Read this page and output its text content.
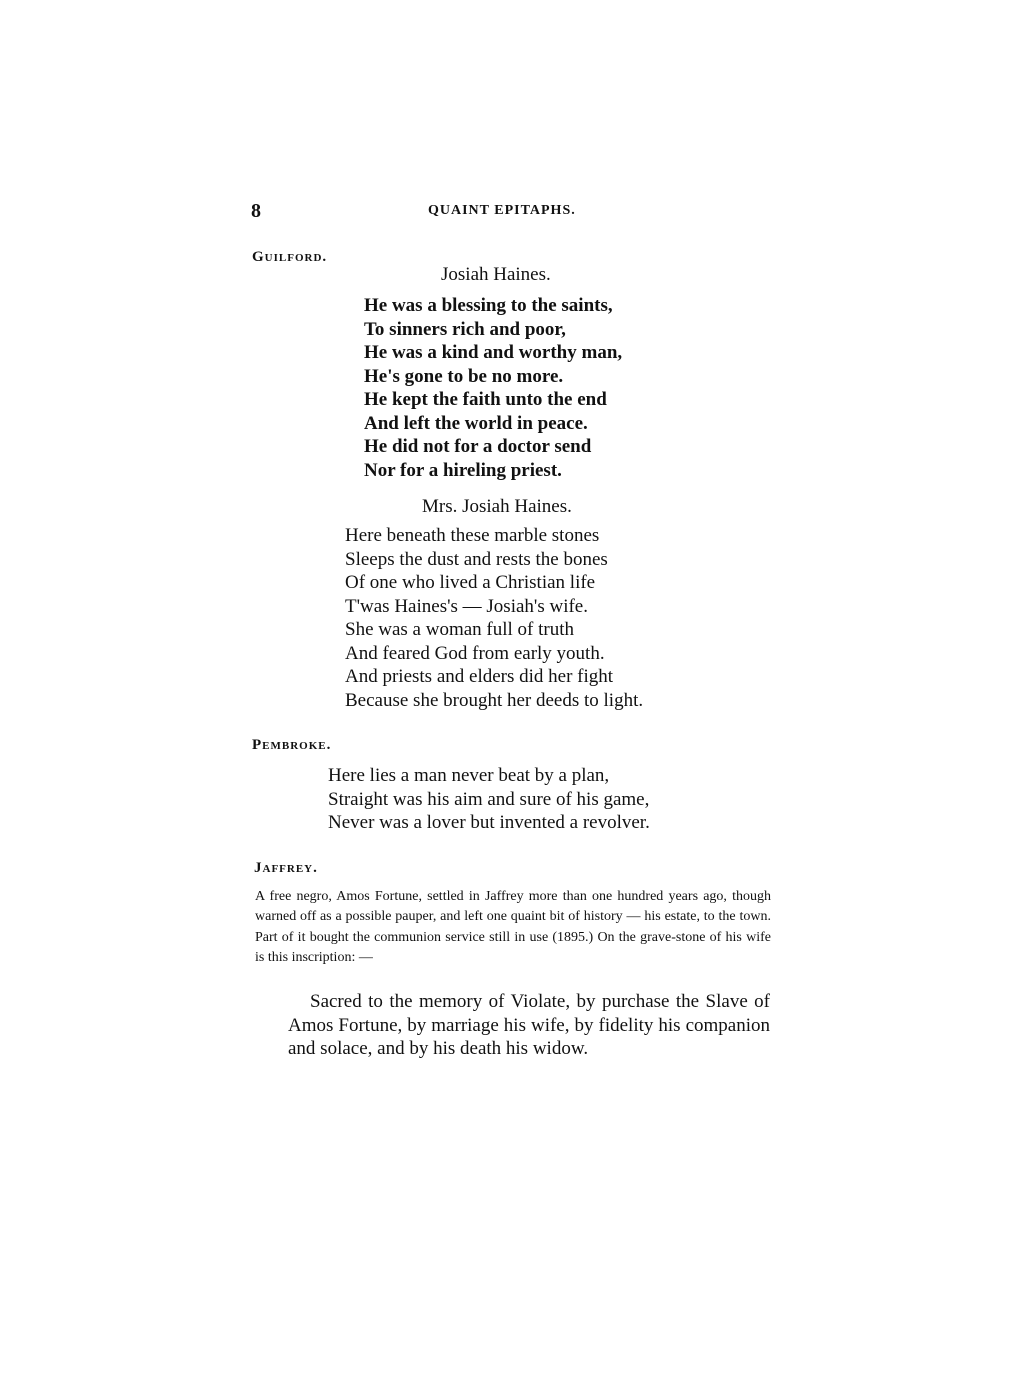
8	QUAINT EPITAPHS.
Guilford.
Josiah Haines.
He was a blessing to the saints,
To sinners rich and poor,
He was a kind and worthy man,
He's gone to be no more.
He kept the faith unto the end
And left the world in peace.
He did not for a doctor send
Nor for a hireling priest.
Mrs. Josiah Haines.
Here beneath these marble stones
Sleeps the dust and rests the bones
Of one who lived a Christian life
T'was Haines's — Josiah's wife.
She was a woman full of truth
And feared God from early youth.
And priests and elders did her fight
Because she brought her deeds to light.
Pembroke.
Here lies a man never beat by a plan,
Straight was his aim and sure of his game,
Never was a lover but invented a revolver.
Jaffrey.

A free negro, Amos Fortune, settled in Jaffrey more than one hundred years ago, though warned off as a possible pauper, and left one quaint bit of history — his estate, to the town. Part of it bought the communion service still in use (1895.) On the grave-stone of his wife is this inscription: —

Sacred to the memory of Violate, by purchase the Slave of Amos Fortune, by marriage his wife, by fidelity his companion and solace, and by his death his widow.
